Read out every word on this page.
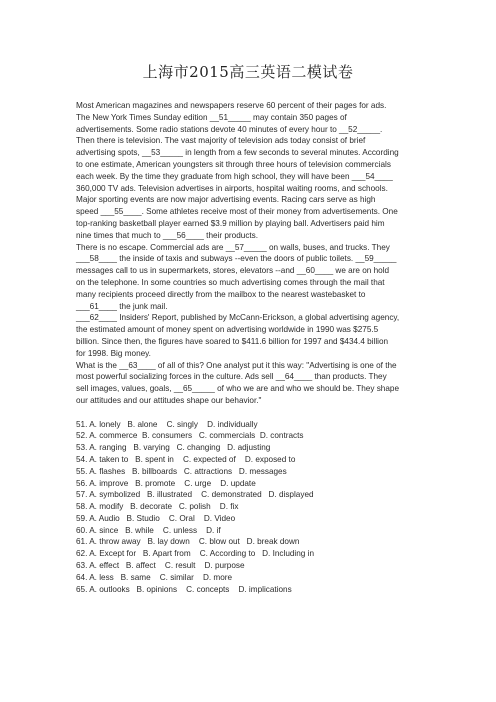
上海市2015高三英语二模试卷
Most American magazines and newspapers reserve 60 percent of their pages for ads.
The New York Times Sunday edition __51_____ may contain 350 pages of
advertisements. Some radio stations devote 40 minutes of every hour to __52_____.
Then there is television. The vast majority of television ads today consist of brief
advertising spots, __53_____ in length from a few seconds to several minutes. According
to one estimate, American youngsters sit through three hours of television commercials
each week. By the time they graduate from high school, they will have been ___54____
360,000 TV ads. Television advertises in airports, hospital waiting rooms, and schools.
Major sporting events are now major advertising events. Racing cars serve as high
speed ___55____. Some athletes receive most of their money from advertisements. One
top-ranking basketball player earned $3.9 million by playing ball. Advertisers paid him
nine times that much to ___56____ their products.
There is no escape. Commercial ads are __57_____ on walls, buses, and trucks. They
___58____ the inside of taxis and subways --even the doors of public toilets. __59_____
messages call to us in supermarkets, stores, elevators --and __60____ we are on hold
on the telephone. In some countries so much advertising comes through the mail that
many recipients proceed directly from the mailbox to the nearest wastebasket to
___61____ the junk mail.
___62____ Insiders' Report, published by McCann-Erickson, a global advertising agency,
the estimated amount of money spent on advertising worldwide in 1990 was $275.5
billion. Since then, the figures have soared to $411.6 billion for 1997 and $434.4 billion
for 1998. Big money.
What is the __63____ of all of this? One analyst put it this way: "Advertising is one of the
most powerful socializing forces in the culture. Ads sell __64____ than products. They
sell images, values, goals, __65_____ of who we are and who we should be. They shape
our attitudes and our attitudes shape our behavior."
51. A. lonely   B. alone    C. singly    D. individually
52. A. commerce  B. consumers   C. commercials  D. contracts
53. A. ranging   B. varying   C. changing   D. adjusting
54. A. taken to   B. spent in    C. expected of    D. exposed to
55. A. flashes   B. billboards   C. attractions   D. messages
56. A. improve   B. promote    C. urge    D. update
57. A. symbolized   B. illustrated    C. demonstrated   D. displayed
58. A. modify   B. decorate   C. polish    D. fix
59. A. Audio   B. Studio    C. Oral    D. Video
60. A. since   B. while    C. unless    D. if
61. A. throw away   B. lay down    C. blow out   D. break down
62. A. Except for   B. Apart from    C. According to   D. Including in
63. A. effect   B. affect    C. result    D. purpose
64. A. less   B. same    C. similar    D. more
65. A. outlooks   B. opinions    C. concepts    D. implications
